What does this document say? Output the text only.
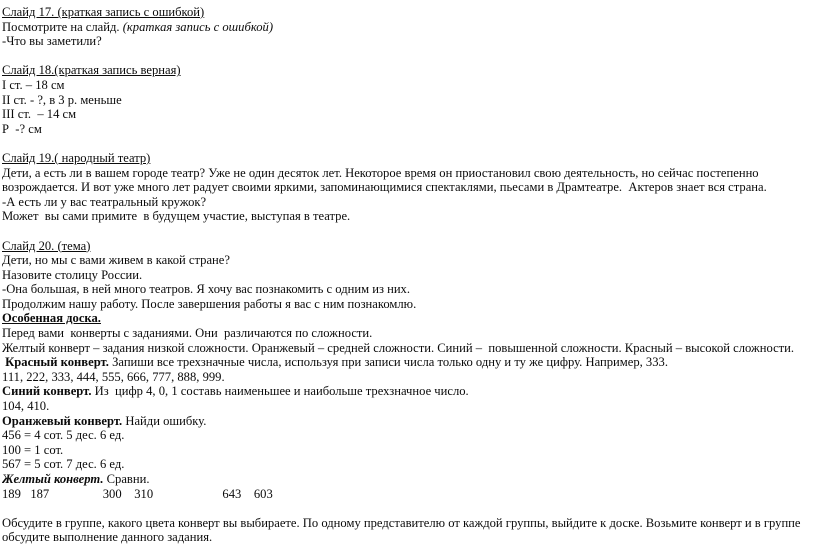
Слайд 17. (краткая запись с ошибкой)
Посмотрите на слайд. (краткая запись с ошибкой)
-Что вы заметили?

Слайд 18.(краткая запись верная)
I ст. – 18 см
II ст. - ?, в 3 р. меньше
III ст.  – 14 см
Р  -? см

Слайд 19.( народный театр)
Дети, а есть ли в вашем городе театр? Уже не один десяток лет. Некоторое время он приостановил свою деятельность, но сейчас постепенно
возрождается. И вот уже много лет радует своими яркими, запоминающимися спектаклями, пьесами в Драмтеатре.  Актеров знает вся страна.
-А есть ли у вас театральный кружок?
Может  вы сами примите  в будущем участие, выступая в театре.

Слайд 20. (тема)
Дети, но мы с вами живем в какой стране?
Назовите столицу России.
-Она большая, в ней много театров. Я хочу вас познакомить с одним из них.
Продолжим нашу работу. После завершения работы я вас с ним познакомлю.
Особенная доска.
Перед вами  конверты с заданиями. Они  различаются по сложности.
Желтый конверт – задания низкой сложности. Оранжевый – средней сложности. Синий –  повышенной сложности. Красный – высокой сложности.
Красный конверт. Запиши все трехзначные числа, используя при записи числа только одну и ту же цифру. Например, 333.
111, 222, 333, 444, 555, 666, 777, 888, 999.
Синий конверт. Из  цифр 4, 0, 1 составь наименьшее и наибольше трехзначное число.
104, 410.
Оранжевый конверт. Найди ошибку.
456 = 4 сот. 5 дес. 6 ед.
100 = 1 сот.
567 = 5 сот. 7 дес. 6 ед.
Желтый конверт. Сравни.
189   187                 300    310                      643    603

Обсудите в группе, какого цвета конверт вы выбираете. По одному представителю от каждой группы, выйдите к доске. Возьмите конверт и в группе
обсудите выполнение данного задания.
